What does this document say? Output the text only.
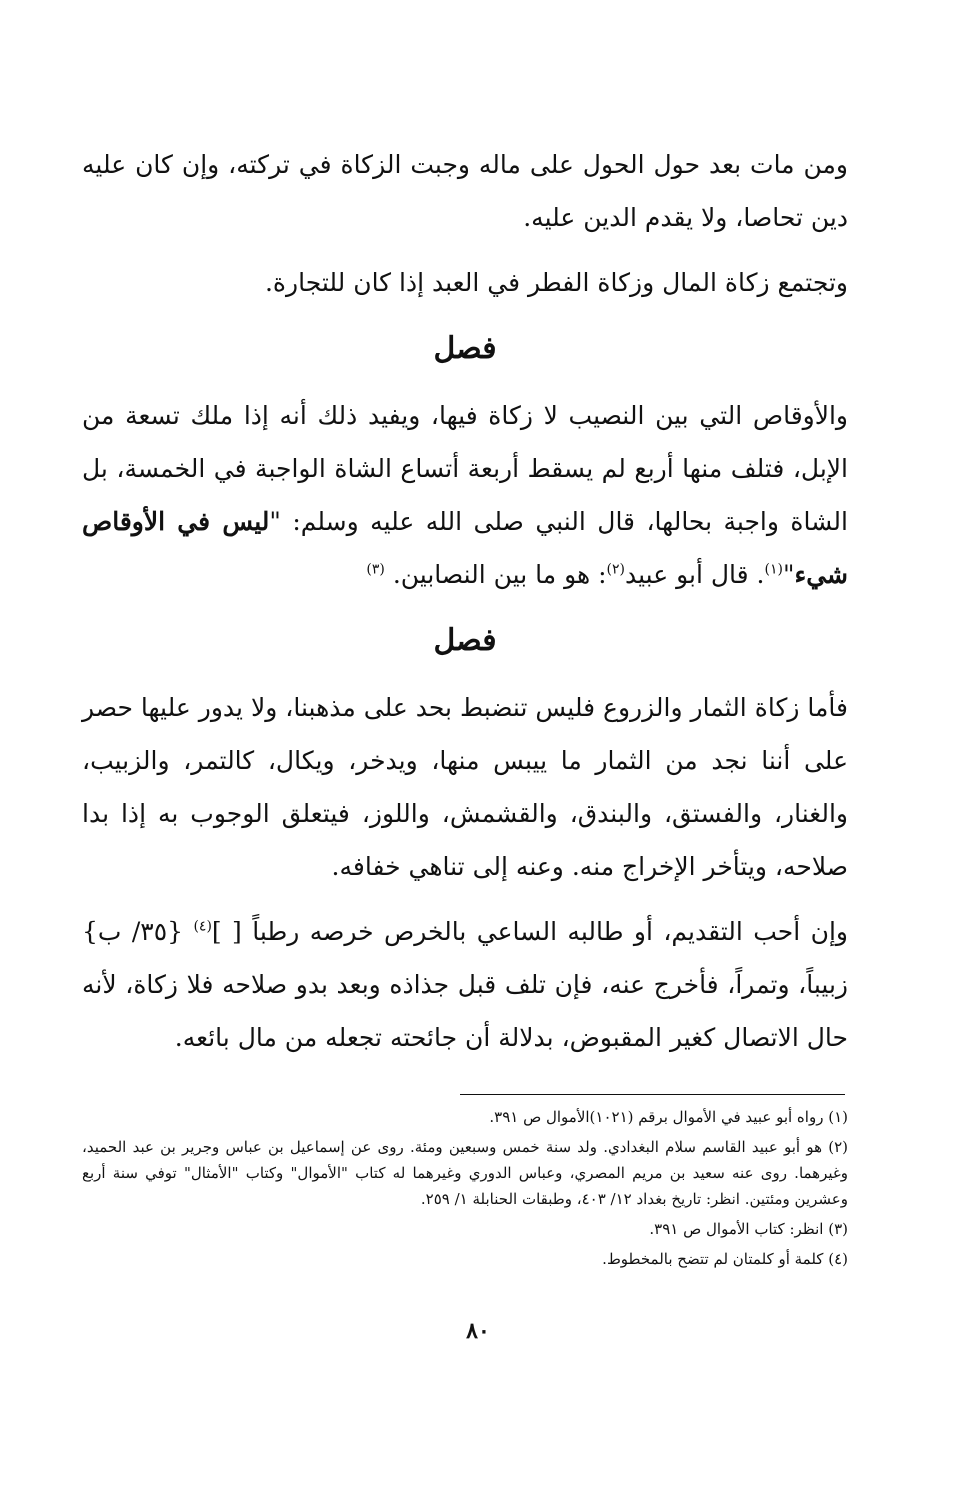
ومن مات بعد حول الحول على ماله وجبت الزكاة في تركته، وإن كان عليه دين تحاصا، ولا يقدم الدين عليه.

وتجتمع زكاة المال وزكاة الفطر في العبد إذا كان للتجارة.

فصل

والأوقاص التي بين النصيب لا زكاة فيها، ويفيد ذلك أنه إذا ملك تسعة من الإبل، فتلف منها أربع لم يسقط أربعة أتساع الشاة الواجبة في الخمسة، بل الشاة واجبة بحالها، قال النبي صلى الله عليه وسلم: "ليس في الأوقاص شيء"$^{(١)}$. قال أبو عبيد$^{(٢)}$: هو ما بين النصابين. $^{(٣)}$

فصل

فأما زكاة الثمار والزروع فليس تنضبط بحد على مذهبنا، ولا يدور عليها حصر على أننا نجد من الثمار ما ييبس منها، ويدخر، ويكال، كالتمر، والزبيب، والغنار، والفستق، والبندق، والقشمش، واللوز، فيتعلق الوجوب به إذا بدا صلاحه، ويتأخر الإخراج منه. وعنه إلى تناهي خفافه.

وإن أحب التقديم، أو طالبه الساعي بالخرص خرصه رطباً [ ]$^{(٤)}$ {٣٥/ ب} زبيباً، وتمراً، فأخرج عنه، فإن تلف قبل جذاذه وبعد بدو صلاحه فلا زكاة، لأنه حال الاتصال كغير المقبوض، بدلالة أن جائحته تجعله من مال بائعه.

(١) رواه أبو عبيد في الأموال برقم (١٠٢١)الأموال ص ٣٩١.

(٢) هو أبو عبيد القاسم سلام البغدادي. ولد سنة خمس وسبعين ومئة. روى عن إسماعيل بن عباس وجرير بن عبد الحميد، وغيرهما. روى عنه سعيد بن مريم المصري، وعباس الدوري وغيرهما له كتاب "الأموال" وكتاب "الأمثال" توفي سنة أربع وعشرين ومئتين. انظر: تاريخ بغداد ١٢/ ٤٠٣، وطبقات الحنابلة ١/ ٢٥٩.

(٣) انظر: كتاب الأموال ص ٣٩١.

(٤) كلمة أو كلمتان لم تتضح بالمخطوط.

٨٠
